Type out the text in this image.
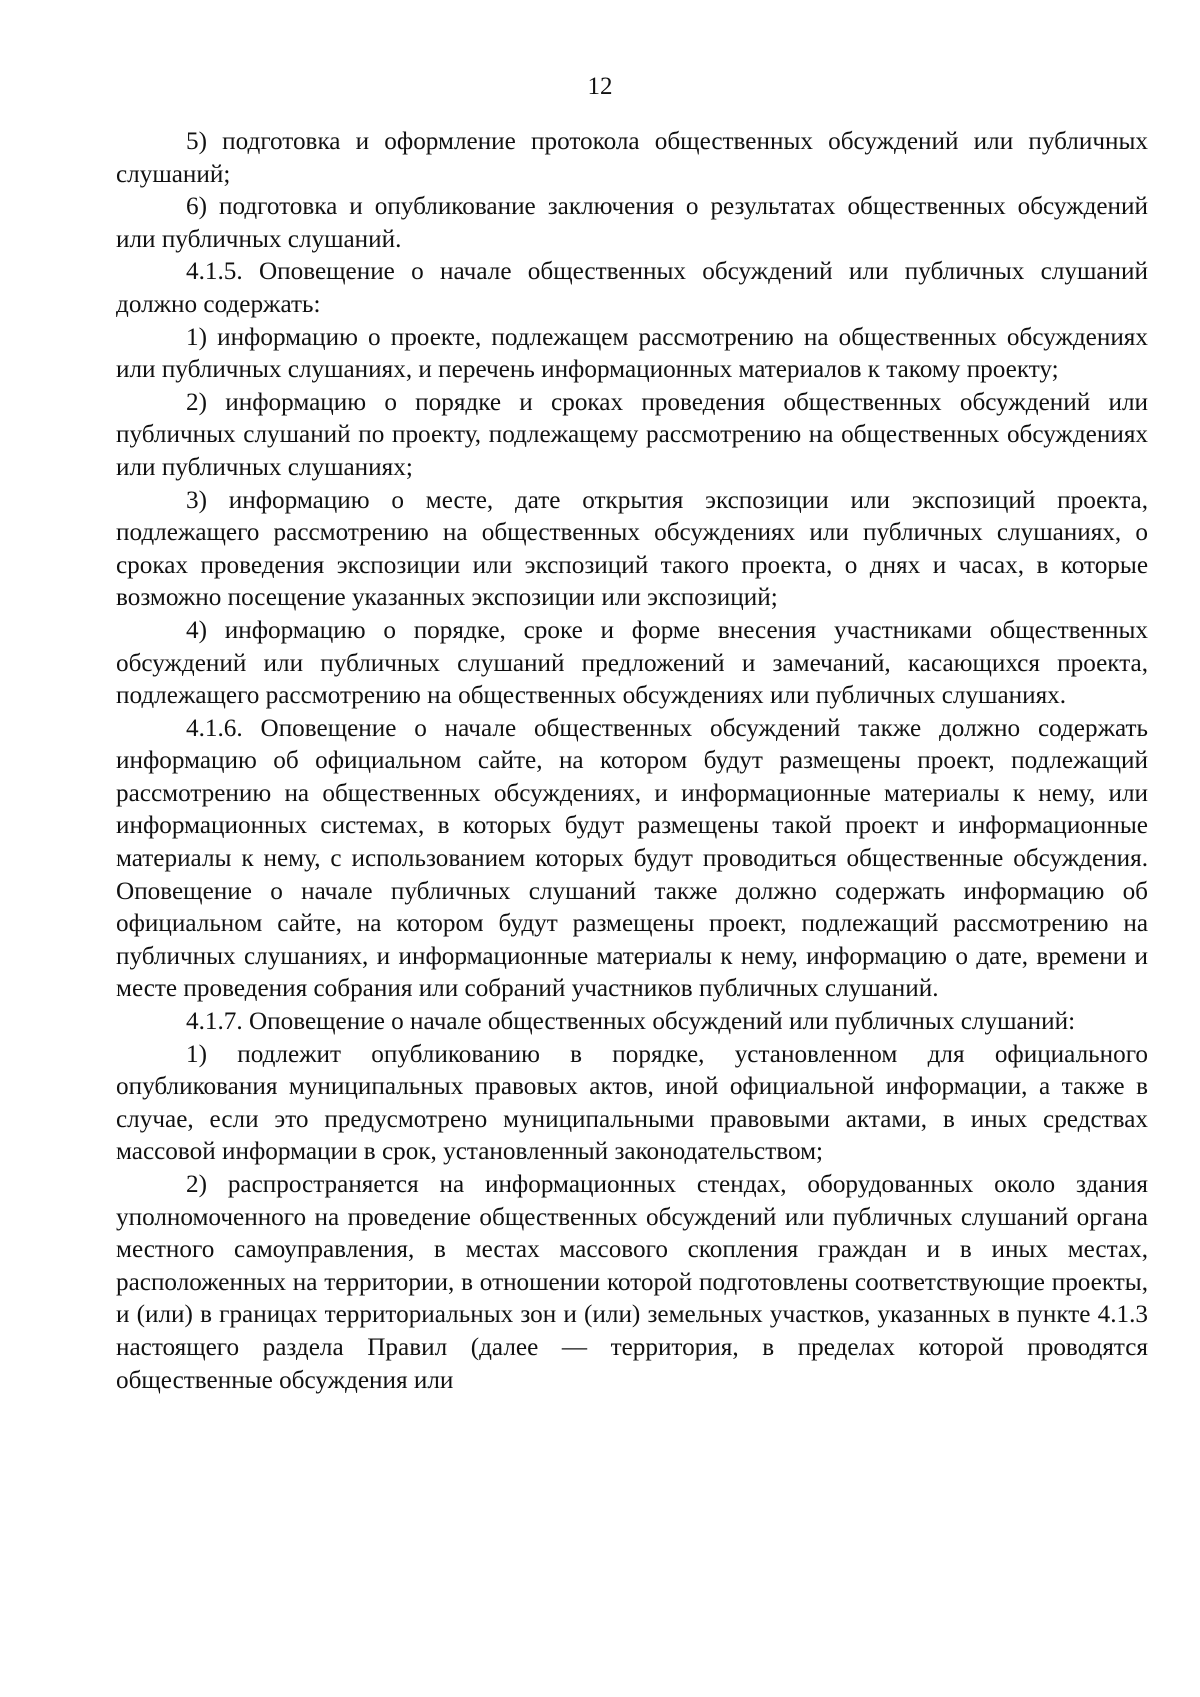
12

5) подготовка и оформление протокола общественных обсуждений или публичных слушаний;

6) подготовка и опубликование заключения о результатах общественных обсуждений или публичных слушаний.

4.1.5. Оповещение о начале общественных обсуждений или публичных слушаний должно содержать:

1) информацию о проекте, подлежащем рассмотрению на общественных обсуждениях или публичных слушаниях, и перечень информационных материалов к такому проекту;

2) информацию о порядке и сроках проведения общественных обсуждений или публичных слушаний по проекту, подлежащему рассмотрению на общественных обсуждениях или публичных слушаниях;

3) информацию о месте, дате открытия экспозиции или экспозиций проекта, подлежащего рассмотрению на общественных обсуждениях или публичных слушаниях, о сроках проведения экспозиции или экспозиций такого проекта, о днях и часах, в которые возможно посещение указанных экспозиции или экспозиций;

4) информацию о порядке, сроке и форме внесения участниками общественных обсуждений или публичных слушаний предложений и замечаний, касающихся проекта, подлежащего рассмотрению на общественных обсуждениях или публичных слушаниях.

4.1.6. Оповещение о начале общественных обсуждений также должно содержать информацию об официальном сайте, на котором будут размещены проект, подлежащий рассмотрению на общественных обсуждениях, и информационные материалы к нему, или информационных системах, в которых будут размещены такой проект и информационные материалы к нему, с использованием которых будут проводиться общественные обсуждения. Оповещение о начале публичных слушаний также должно содержать информацию об официальном сайте, на котором будут размещены проект, подлежащий рассмотрению на публичных слушаниях, и информационные материалы к нему, информацию о дате, времени и месте проведения собрания или собраний участников публичных слушаний.

4.1.7. Оповещение о начале общественных обсуждений или публичных слушаний:

1) подлежит опубликованию в порядке, установленном для официального опубликования муниципальных правовых актов, иной официальной информации, а также в случае, если это предусмотрено муниципальными правовыми актами, в иных средствах массовой информации в срок, установленный законодательством;

2) распространяется на информационных стендах, оборудованных около здания уполномоченного на проведение общественных обсуждений или публичных слушаний органа местного самоуправления, в местах массового скопления граждан и в иных местах, расположенных на территории, в отношении которой подготовлены соответствующие проекты, и (или) в границах территориальных зон и (или) земельных участков, указанных в пункте 4.1.3 настоящего раздела Правил (далее — территория, в пределах которой проводятся общественные обсуждения или
